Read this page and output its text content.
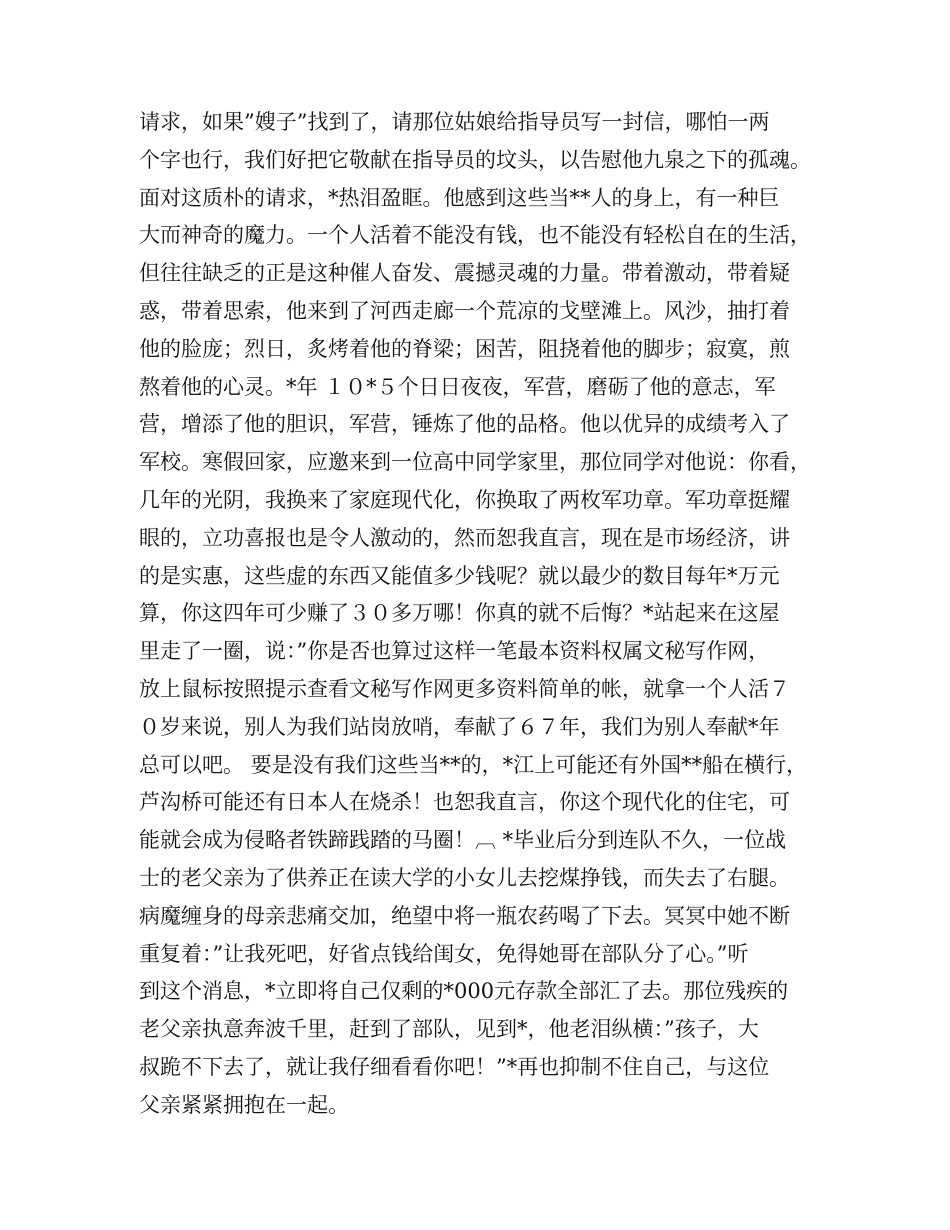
请求，如果”嫂子”找到了，请那位姑娘给指导员写一封信，哪怕一两
个字也行，我们好把它敬献在指导员的坟头，以告慰他九泉之下的孤魂。
面对这质朴的请求，*热泪盈眶。他感到这些当**人的身上，有一种巨
大而神奇的魔力。一个人活着不能没有钱，也不能没有轻松自在的生活，
但往往缺乏的正是这种催人奋发、震撼灵魂的力量。带着激动，带着疑
惑，带着思索，他来到了河西走廊一个荒凉的戈壁滩上。风沙，抽打着
他的脸庞；烈日，炙烤着他的脊梁；困苦，阻挠着他的脚步；寂寞，煎
熬着他的心灵。*年 １０*５个日日夜夜，军营，磨砺了他的意志，军
营，增添了他的胆识，军营，锤炼了他的品格。他以优异的成绩考入了
军校。寒假回家，应邀来到一位高中同学家里，那位同学对他说：你看，
几年的光阴，我换来了家庭现代化，你换取了两枚军功章。军功章挺耀
眼的，立功喜报也是令人激动的，然而恕我直言，现在是市场经济，讲
的是实惠，这些虚的东西又能值多少钱呢？就以最少的数目每年*万元
算，你这四年可少赚了３０多万哪！你真的就不后悔？*站起来在这屋
里走了一圈，说：”你是否也算过这样一笔最本资料权属文秘写作网，
放上鼠标按照提示查看文秘写作网更多资料简单的帐，就拿一个人活７
０岁来说，别人为我们站岗放哨，奉献了６７年，我们为别人奉献*年
总可以吧。 要是没有我们这些当**的，*江上可能还有外国**船在横行，
芦沟桥可能还有日本人在烧杀！也恕我直言，你这个现代化的住宅，可
能就会成为侵略者铁蹄践踏的马圈！︹ *毕业后分到连队不久，一位战
士的老父亲为了供养正在读大学的小女儿去挖煤挣钱，而失去了右腿。
病魔缠身的母亲悲痛交加，绝望中将一瓶农药喝了下去。冥冥中她不断
重复着：”让我死吧，好省点钱给闺女，免得她哥在部队分了心。”听
到这个消息，*立即将自己仅剩的*000元存款全部汇了去。那位残疾的
老父亲执意奔波千里，赶到了部队，见到*，他老泪纵横：”孩子，大
叔跪不下去了，就让我仔细看看你吧！”*再也抑制不住自己，与这位
父亲紧紧拥抱在一起。
